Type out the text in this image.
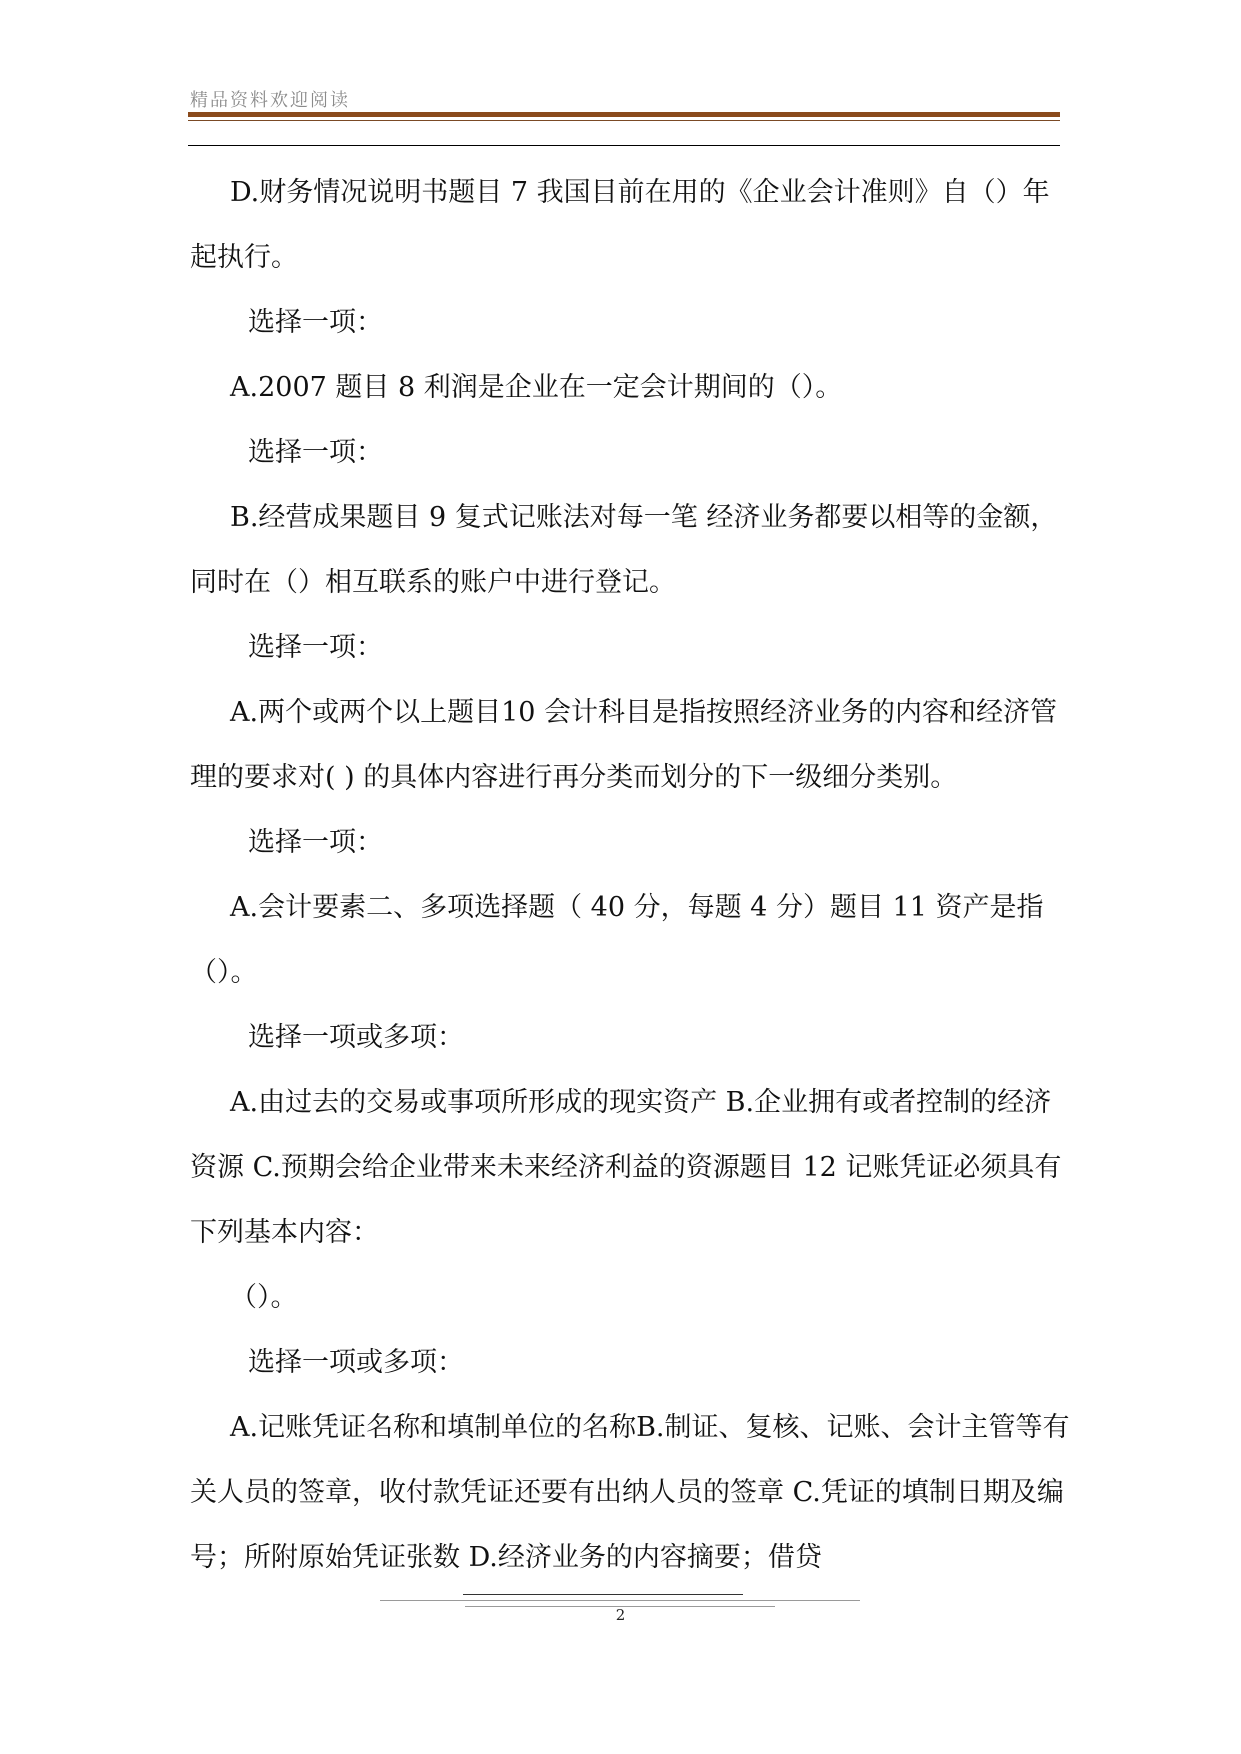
精品资料欢迎阅读

D.财务情况说明书题目 7 我国目前在用的《企业会计准则》自（）年起执行。

选择一项：

A.2007 题目 8 利润是企业在一定会计期间的（）。

选择一项：

B.经营成果题目 9 复式记账法对每一笔 经济业务都要以相等的金额，同时在（）相互联系的账户中进行登记。

选择一项：

A.两个或两个以上题目10 会计科目是指按照经济业务的内容和经济管理的要求对( ) 的具体内容进行再分类而划分的下一级细分类别。

选择一项：

A.会计要素二、多项选择题（ 40 分，每题 4 分）题目 11 资产是指（）。

选择一项或多项：

A.由过去的交易或事项所形成的现实资产 B.企业拥有或者控制的经济资源 C.预期会给企业带来未来经济利益的资源题目 12 记账凭证必须具有下列基本内容：

（）。

选择一项或多项：

A.记账凭证名称和填制单位的名称B.制证、复核、记账、会计主管等有关人员的签章，收付款凭证还要有出纳人员的签章 C.凭证的填制日期及编号；所附原始凭证张数 D.经济业务的内容摘要；借贷

2
